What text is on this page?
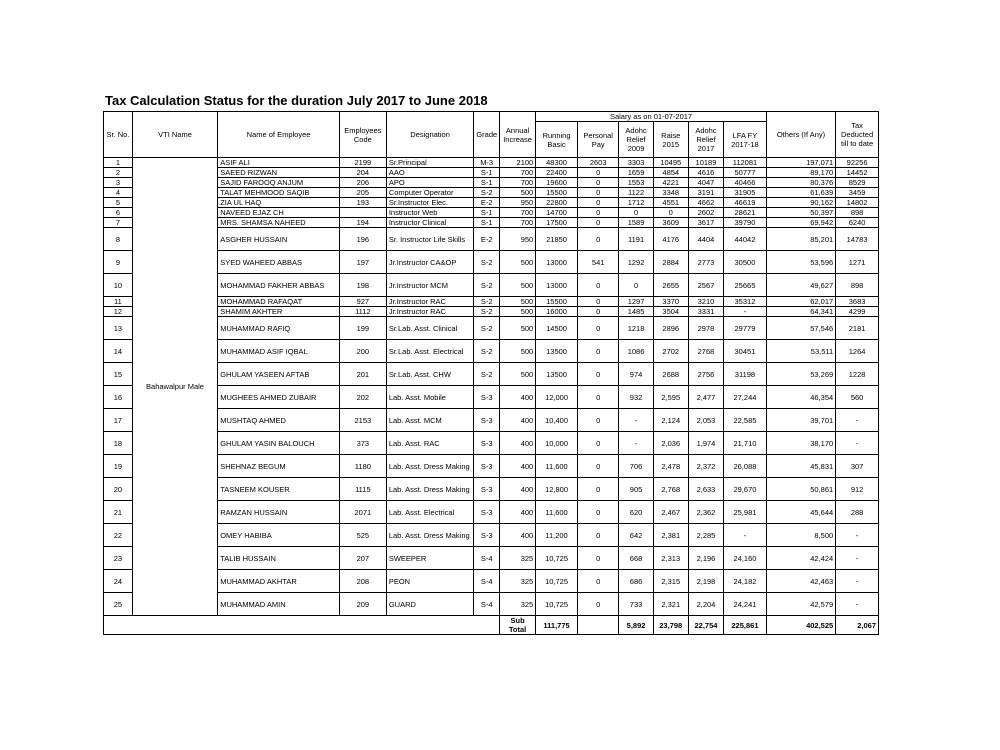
Tax Calculation Status for the duration July 2017 to June 2018
Sr. No.	VTI Name	Name of Employee	Employees Code	Designation	Grade	Annual Increase	Salary as on 01-07-2017						Others (If Any)	Tax Deducted till to date
							Running Basic	Personal Pay	Adohc Relief 2009	Raise 2015	Adohc Relief 2017	LFA FY 2017-18		
1	Bahawalpur Male	ASIF ALI	2199	Sr.Principal	M-3	2100	48300	2603	3303	10495	10189	112081	197,071	92256
2		SAEED RIZWAN	204	AAO	S-1	700	22400	0	1659	4854	4616	50777	89,170	14452
3		SAJID FAROOQ ANJUM	206	APO	S-1	700	19600	0	1553	4221	4047	40466	80,376	8529
4		TALAT MEHMOOD SAQIB	205	Computer Operator	S-2	500	15500	0	1122	3348	3191	31905	61,639	3459
5		ZIA UL HAQ	193	Sr.Instructor Elec.	E-2	950	22800	0	1712	4551	4662	46619	90,162	14802
6		NAVEED EJAZ CH		Instructor Web	S-1	700	14700	0	0	0	2602	28621	50,397	898
7		MRS. SHAMSA NAHEED	194	Instructor Clinical	S-1	700	17500	0	1589	3609	3617	39790	69,942	6240
8		ASGHER HUSSAIN	196	Sr. Instructor Life Skills	E-2	950	21850	0	1191	4176	4404	44042	85,201	14783
9		SYED WAHEED ABBAS	197	Jr.Instructor CA&OP	S-2	500	13000	541	1292	2884	2773	30500	53,596	1271
10		MOHAMMAD FAKHER ABBAS	198	Jr.Instructor MCM	S-2	500	13000	0	0	2655	2567	25665	49,627	898
11		MOHAMMAD RAFAQAT	927	Jr.Instructor RAC	S-2	500	15500	0	1297	3370	3210	35312	62,017	3683
12		SHAMIM AKHTER	1112	Jr.Instructor RAC	S-2	500	16000	0	1485	3504	3331	-	64,341	4299
13		MUHAMMAD RAFIQ	199	Sr.Lab. Asst. Clinical	S-2	500	14500	0	1218	2896	2978	29779	57,546	2181
14		MUHAMMAD ASIF IQBAL	200	Sr.Lab. Asst. Electrical	S-2	500	13500	0	1086	2702	2768	30451	53,511	1264
15		GHULAM YASEEN AFTAB	201	Sr.Lab. Asst. CHW	S-2	500	13500	0	974	2688	2756	31198	53,269	1228
16		MUGHEES AHMED ZUBAIR	202	Lab. Asst. Mobile	S-3	400	12,000	0	932	2,595	2,477	27,244	46,354	560
17		MUSHTAQ AHMED	2153	Lab. Asst. MCM	S-3	400	10,400	0	-	2,124	2,053	22,585	39,701	-
18		GHULAM YASIN BALOUCH	373	Lab. Asst. RAC	S-3	400	10,000	0	-	2,036	1,974	21,710	38,170	-
19		SHEHNAZ BEGUM	1180	Lab. Asst. Dress Making	S-3	400	11,600	0	706	2,478	2,372	26,088	45,831	307
20		TASNEEM KOUSER	1115	Lab. Asst. Dress Making	S-3	400	12,800	0	905	2,768	2,633	29,670	50,861	912
21		RAMZAN HUSSAIN	2071	Lab. Asst. Electrical	S-3	400	11,600	0	620	2,467	2,362	25,981	45,644	288
22		OMEY HABIBA	525	Lab. Asst. Dress Making	S-3	400	11,200	0	642	2,381	2,285	-	8,500	-
23		TALIB HUSSAIN	207	SWEEPER	S-4	325	10,725	0	668	2,313	2,196	24,160	42,424	-
24		MUHAMMAD AKHTAR	208	PEON	S-4	325	10,725	0	686	2,315	2,198	24,182	42,463	-
25		MUHAMMAD AMIN	209	GUARD	S-4	325	10,725	0	733	2,321	2,204	24,241	42,579	-
						Sub Total	111,775		5,892	23,798	22,754	225,861	402,525	2,067
